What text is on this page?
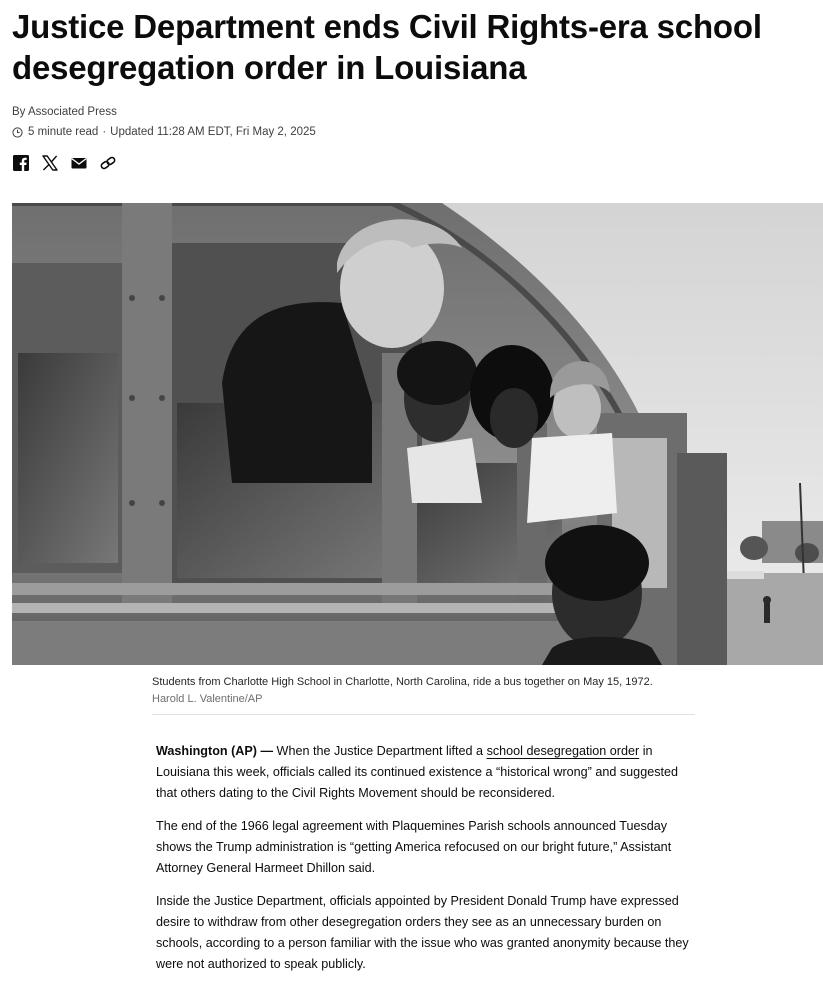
Justice Department ends Civil Rights-era school desegregation order in Louisiana
By Associated Press
5 minute read · Updated 11:28 AM EDT, Fri May 2, 2025
Students from Charlotte High School in Charlotte, North Carolina, ride a bus together on May 15, 1972.
Harold L. Valentine/AP

Washington (AP) — When the Justice Department lifted a school desegregation order in Louisiana this week, officials called its continued existence a “historical wrong” and suggested that others dating to the Civil Rights Movement should be reconsidered.

The end of the 1966 legal agreement with Plaquemines Parish schools announced Tuesday shows the Trump administration is “getting America refocused on our bright future,” Assistant Attorney General Harmeet Dhillon said.

Inside the Justice Department, officials appointed by President Donald Trump have expressed desire to withdraw from other desegregation orders they see as an unnecessary burden on schools, according to a person familiar with the issue who was granted anonymity because they were not authorized to speak publicly.
